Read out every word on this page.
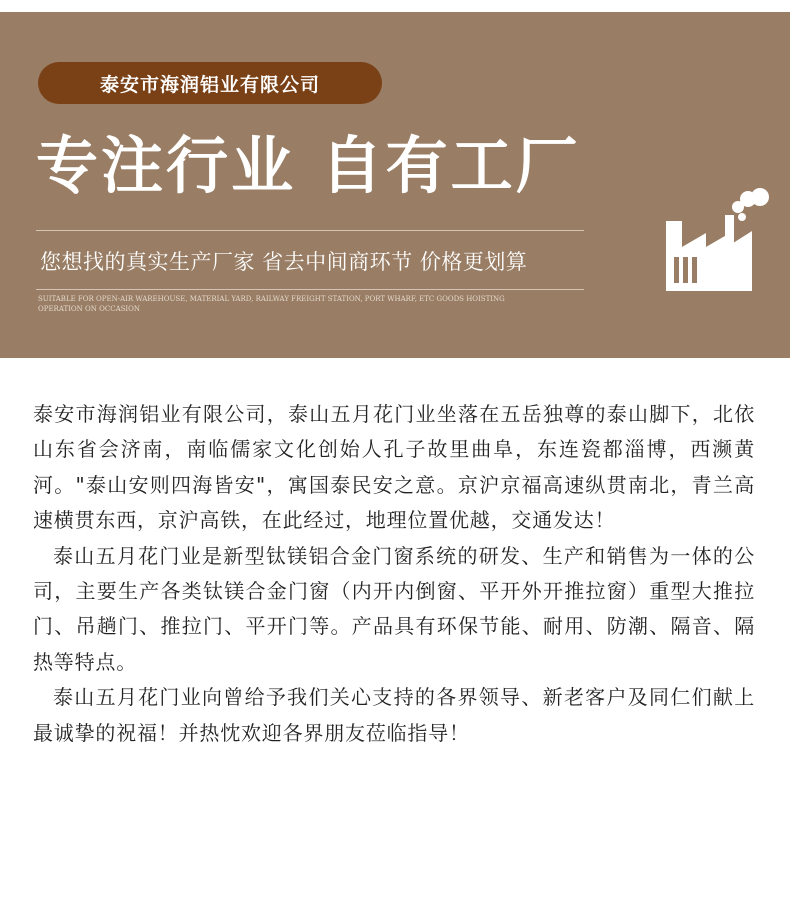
泰安市海润铝业有限公司
专注行业 自有工厂
您想找的真实生产厂家 省去中间商环节 价格更划算
SUITABLE FOR OPEN-AIR WAREHOUSE, MATERIAL YARD, RAILWAY FREIGHT STATION, PORT WHARF, ETC GOODS HOISTING OPERATION ON OCCASION

泰安市海润铝业有限公司，泰山五月花门业坐落在五岳独尊的泰山脚下，北依山东省会济南，南临儒家文化创始人孔子故里曲阜，东连瓷都淄博，西濒黄河。"泰山安则四海皆安"，寓国泰民安之意。京沪京福高速纵贯南北，青兰高速横贯东西，京沪高铁，在此经过，地理位置优越，交通发达！

泰山五月花门业是新型钛镁铝合金门窗系统的研发、生产和销售为一体的公司，主要生产各类钛镁合金门窗（内开内倒窗、平开外开推拉窗）重型大推拉门、吊趟门、推拉门、平开门等。产品具有环保节能、耐用、防潮、隔音、隔热等特点。

泰山五月花门业向曾给予我们关心支持的各界领导、新老客户及同仁们献上最诚挚的祝福！并热忱欢迎各界朋友莅临指导！
